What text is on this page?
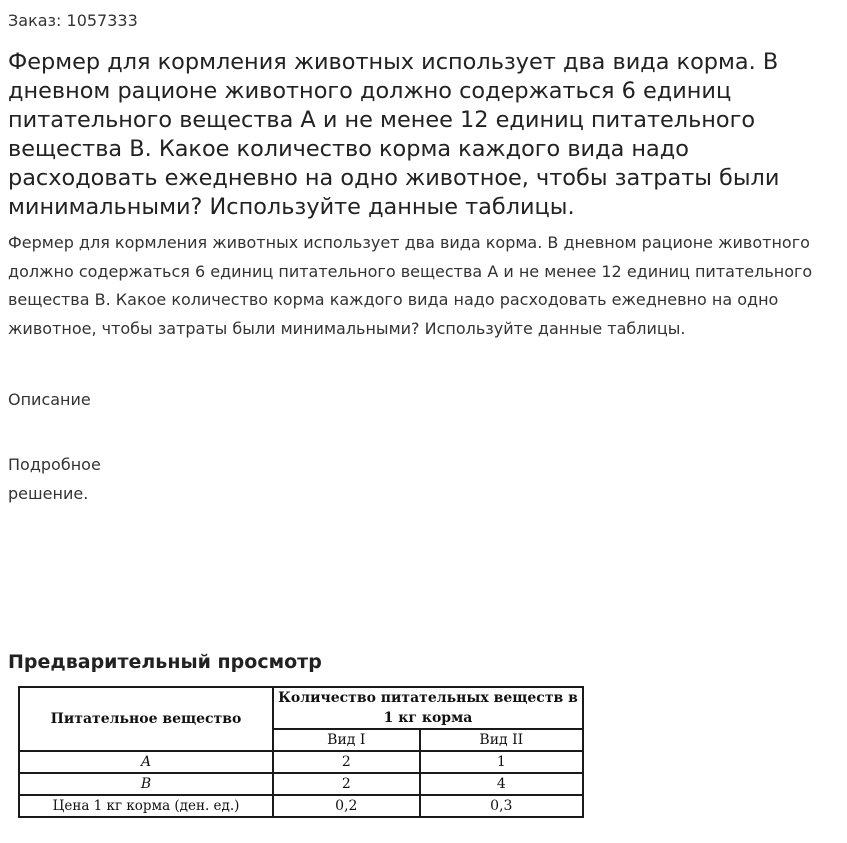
Заказ: 1057333
Фермер для кормления животных использует два вида корма. В дневном рационе животного должно содержаться 6 единиц питательного вещества А и не менее 12 единиц питательного вещества В. Какое количество корма каждого вида надо расходовать ежедневно на одно животное, чтобы затраты были минимальными? Используйте данные таблицы.

Фермер для кормления животных использует два вида корма. В дневном рационе животного должно содержаться 6 единиц питательного вещества А и не менее 12 единиц питательного вещества В. Какое количество корма каждого вида надо расходовать ежедневно на одно животное, чтобы затраты были минимальными? Используйте данные таблицы.

Описание
Подробное решение.
Предварительный просмотр
Питательное вещество	Количество питательных веществ в 1 кг корма	
	Вид I	Вид II
A	2	1
B	2	4
Цена 1 кг корма (ден. ед.)	0,2	0,3
